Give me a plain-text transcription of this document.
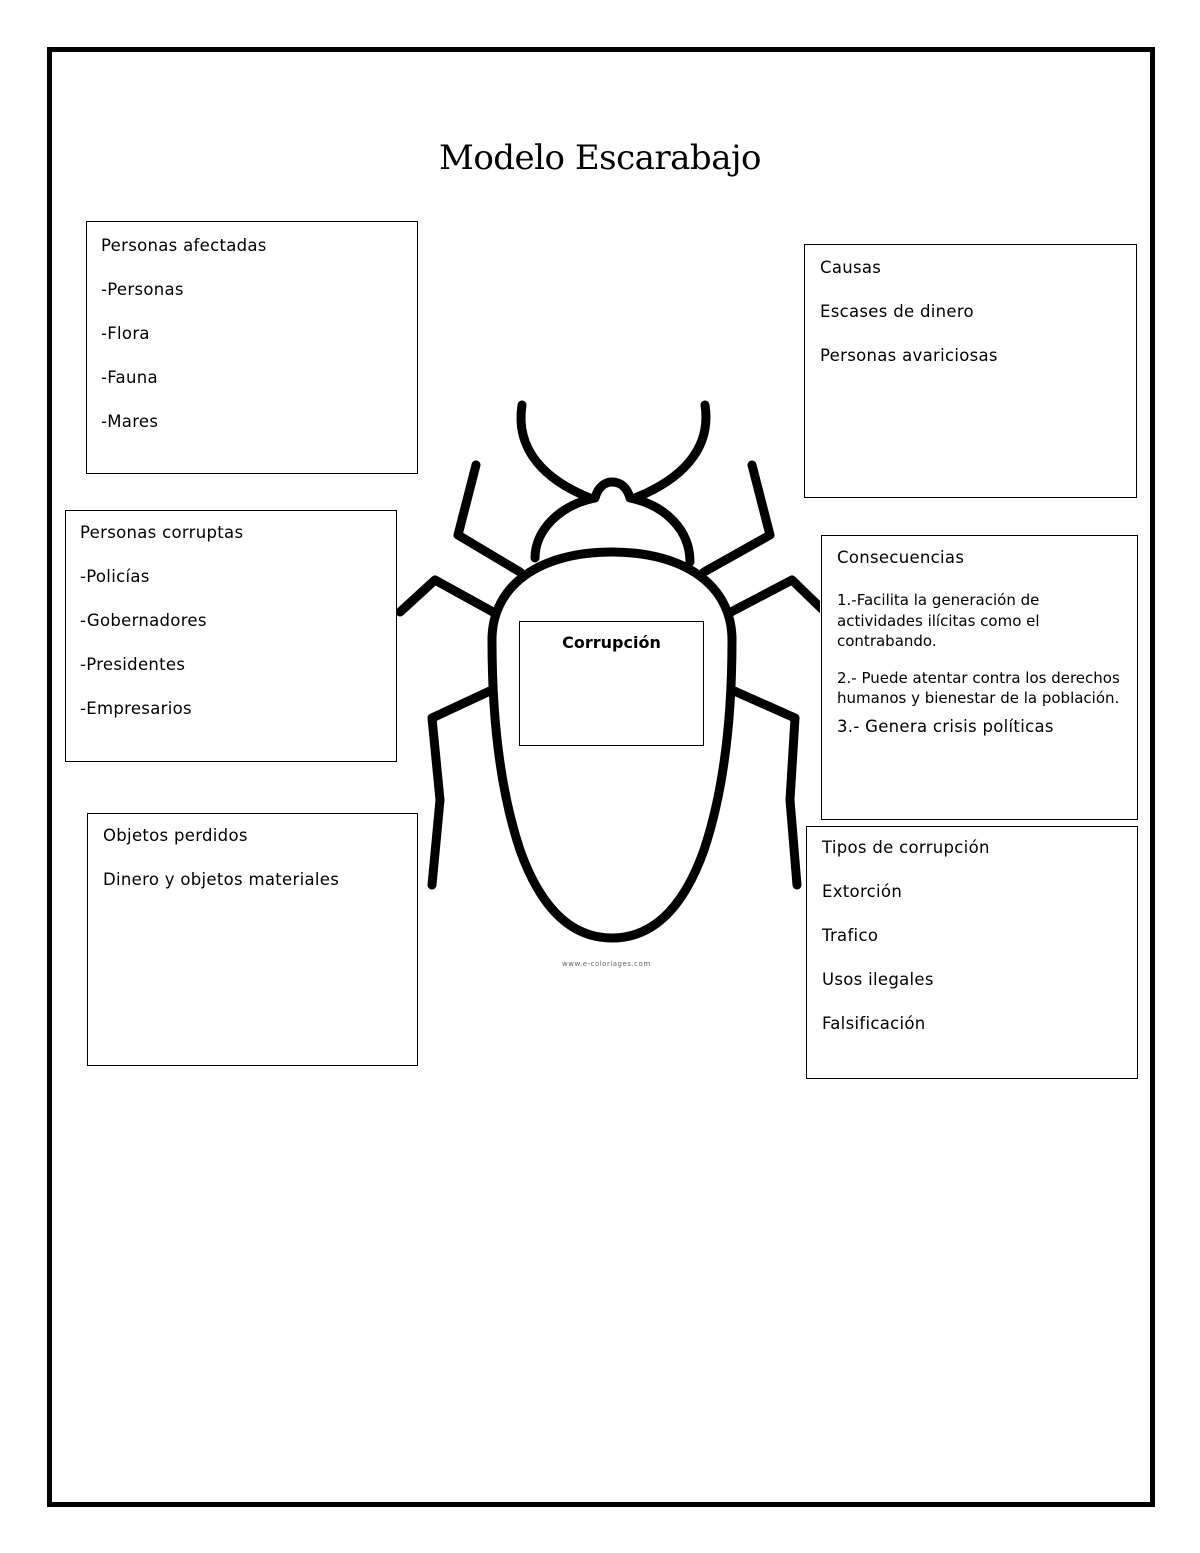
Modelo Escarabajo
Corrupción
www.e-coloriages.com

Personas afectadas

-Personas

-Flora

-Fauna

-Mares

Personas corruptas

-Policías

-Gobernadores

-Presidentes

-Empresarios

Objetos perdidos

Dinero y objetos materiales

Causas

Escases de dinero

Personas avariciosas

Consecuencias

1.-Facilita la generación de actividades ilícitas como el contrabando.

2.- Puede atentar contra los derechos humanos y bienestar de la población.

3.- Genera crisis políticas

Tipos de corrupción

Extorción

Trafico

Usos ilegales

Falsificación
